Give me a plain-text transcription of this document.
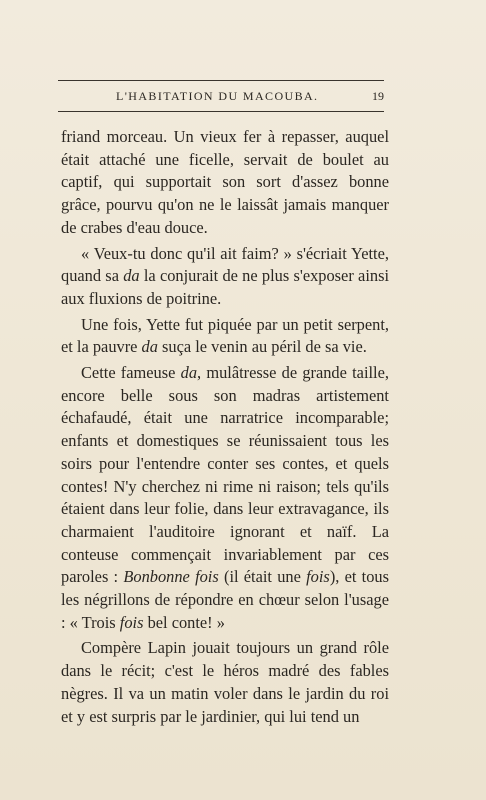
L'HABITATION DU MACOUBA.	19

friand morceau. Un vieux fer à repasser, auquel était attaché une ficelle, servait de boulet au captif, qui supportait son sort d'assez bonne grâce, pourvu qu'on ne le laissât jamais manquer de crabes d'eau douce.

« Veux-tu donc qu'il ait faim? » s'écriait Yette, quand sa da la conjurait de ne plus s'exposer ainsi aux fluxions de poitrine.

Une fois, Yette fut piquée par un petit serpent, et la pauvre da suça le venin au péril de sa vie.

Cette fameuse da, mulâtresse de grande taille, encore belle sous son madras artistement échafaudé, était une narratrice incomparable; enfants et domestiques se réunissaient tous les soirs pour l'entendre conter ses contes, et quels contes! N'y cherchez ni rime ni raison; tels qu'ils étaient dans leur folie, dans leur extravagance, ils charmaient l'auditoire ignorant et naïf. La conteuse commençait invariablement par ces paroles : Bonbonne fois (il était une fois), et tous les négrillons de répondre en chœur selon l'usage : « Trois fois bel conte! »

Compère Lapin jouait toujours un grand rôle dans le récit; c'est le héros madré des fables nègres. Il va un matin voler dans le jardin du roi et y est surpris par le jardinier, qui lui tend un
